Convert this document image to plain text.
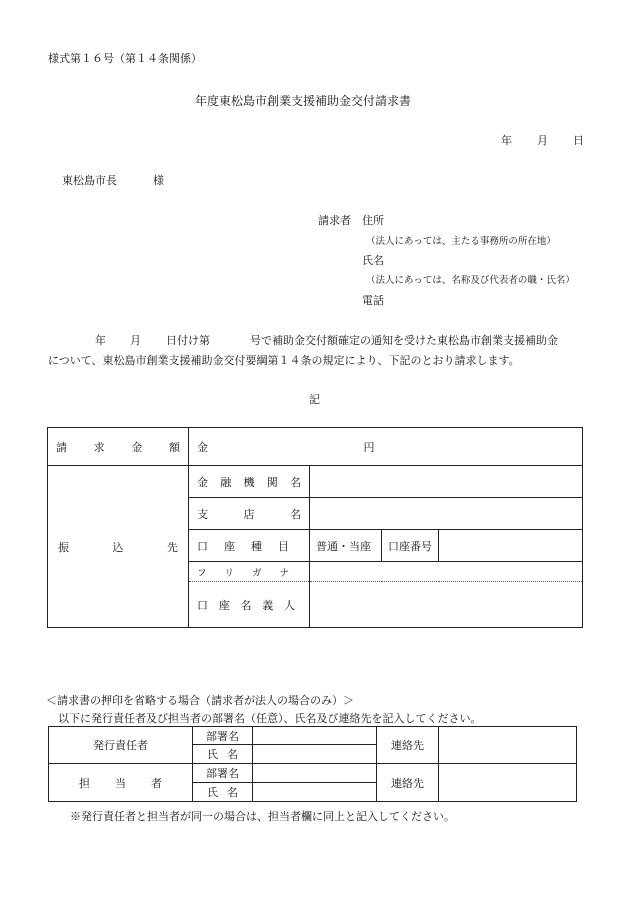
様式第１６号（第１４条関係）
年度東松島市創業支援補助金交付請求書
年 月 日
東松島市長	様
請求者 住所
（法人にあっては、主たる事務所の所在地）
氏名
（法人にあっては、名称及び代表者の職・氏名）
電話
年 月 日付け第	号で補助金交付額確定の通知を受けた東松島市創業支援補助金
について、東松島市創業支援補助金交付要綱第１４条の規定により、下記のとおり請求します。
記
請 求 金 額	金 円			

振 込 先	金 融 機 関 名			

	支 店 名			

	口 座 種 目	普通・当座	口座番号	

	フ リ ガ ナ			

	口 座 名 義 人			

＜請求書の押印を省略する場合（請求者が法人の場合のみ）＞
以下に発行責任者及び担当者の部署名（任意）、氏名及び連絡先を記入してください。
発行責任者	部署名		連絡先	

	氏 名			

担 当 者	部署名		連絡先	

	氏 名			

※発行責任者と担当者が同一の場合は、担当者欄に同上と記入してください。
